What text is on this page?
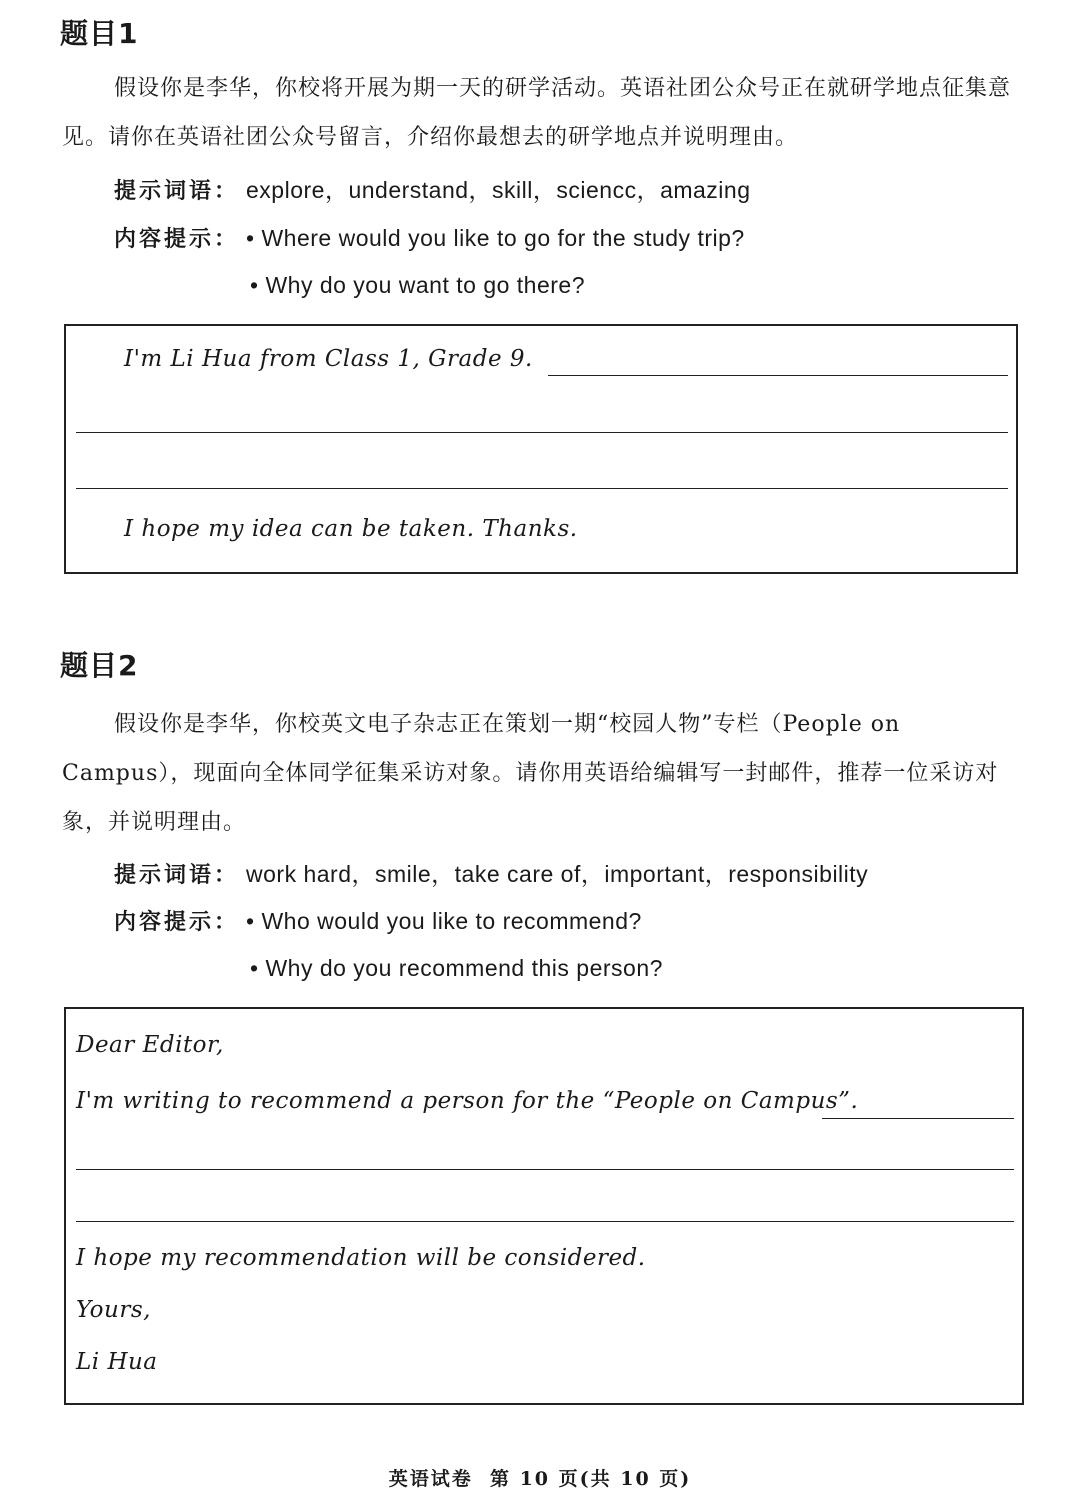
题目1

假设你是李华，你校将开展为期一天的研学活动。英语社团公众号正在就研学地点征集意见。请你在英语社团公众号留言，介绍你最想去的研学地点并说明理由。

提示词语： explore，understand，skill，sciencc，amazing
内容提示： • Where would you like to go for the study trip?
• Why do you want to go there?
I'm Li Hua from Class 1, Grade 9.
I hope my idea can be taken. Thanks.
题目2

假设你是李华，你校英文电子杂志正在策划一期“校园人物”专栏（People on Campus），现面向全体同学征集采访对象。请你用英语给编辑写一封邮件，推荐一位采访对象，并说明理由。

提示词语： work hard，smile，take care of，important，responsibility
内容提示： • Who would you like to recommend?
• Why do you recommend this person?
Dear Editor,
I'm writing to recommend a person for the “People on Campus”.
I hope my recommendation will be considered.
Yours,
Li Hua
英语试卷  第 10 页(共 10 页)
